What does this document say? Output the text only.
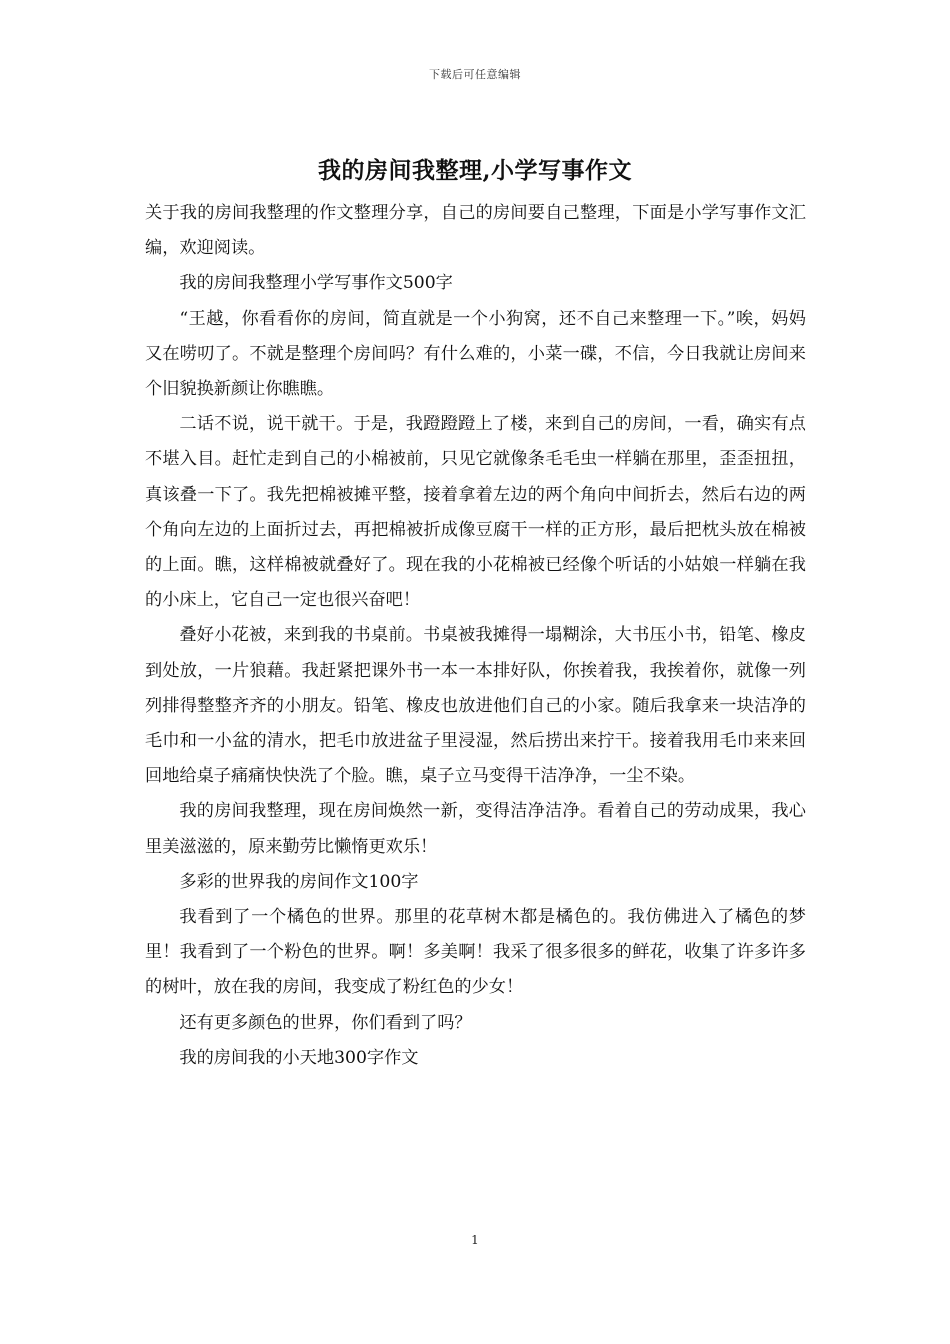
下载后可任意编辑
我的房间我整理,小学写事作文

关于我的房间我整理的作文整理分享，自己的房间要自己整理，下面是小学写事作文汇编，欢迎阅读。

我的房间我整理小学写事作文500字

“王越，你看看你的房间，简直就是一个小狗窝，还不自己来整理一下。”唉，妈妈又在唠叨了。不就是整理个房间吗？有什么难的，小菜一碟，不信，今日我就让房间来个旧貌换新颜让你瞧瞧。

二话不说，说干就干。于是，我蹬蹬蹬上了楼，来到自己的房间，一看，确实有点不堪入目。赶忙走到自己的小棉被前，只见它就像条毛毛虫一样躺在那里，歪歪扭扭，真该叠一下了。我先把棉被摊平整，接着拿着左边的两个角向中间折去，然后右边的两个角向左边的上面折过去，再把棉被折成像豆腐干一样的正方形，最后把枕头放在棉被的上面。瞧，这样棉被就叠好了。现在我的小花棉被已经像个听话的小姑娘一样躺在我的小床上，它自己一定也很兴奋吧！

叠好小花被，来到我的书桌前。书桌被我摊得一塌糊涂，大书压小书，铅笔、橡皮到处放，一片狼藉。我赶紧把课外书一本一本排好队，你挨着我，我挨着你，就像一列列排得整整齐齐的小朋友。铅笔、橡皮也放进他们自己的小家。随后我拿来一块洁净的毛巾和一小盆的清水，把毛巾放进盆子里浸湿，然后捞出来拧干。接着我用毛巾来来回回地给桌子痛痛快快洗了个脸。瞧，桌子立马变得干洁净净，一尘不染。

我的房间我整理，现在房间焕然一新，变得洁净洁净。看着自己的劳动成果，我心里美滋滋的，原来勤劳比懒惰更欢乐！

多彩的世界我的房间作文100字

我看到了一个橘色的世界。那里的花草树木都是橘色的。我仿佛进入了橘色的梦里！我看到了一个粉色的世界。啊！多美啊！我采了很多很多的鲜花，收集了许多许多的树叶，放在我的房间，我变成了粉红色的少女！

还有更多颜色的世界，你们看到了吗？

我的房间我的小天地300字作文

1
